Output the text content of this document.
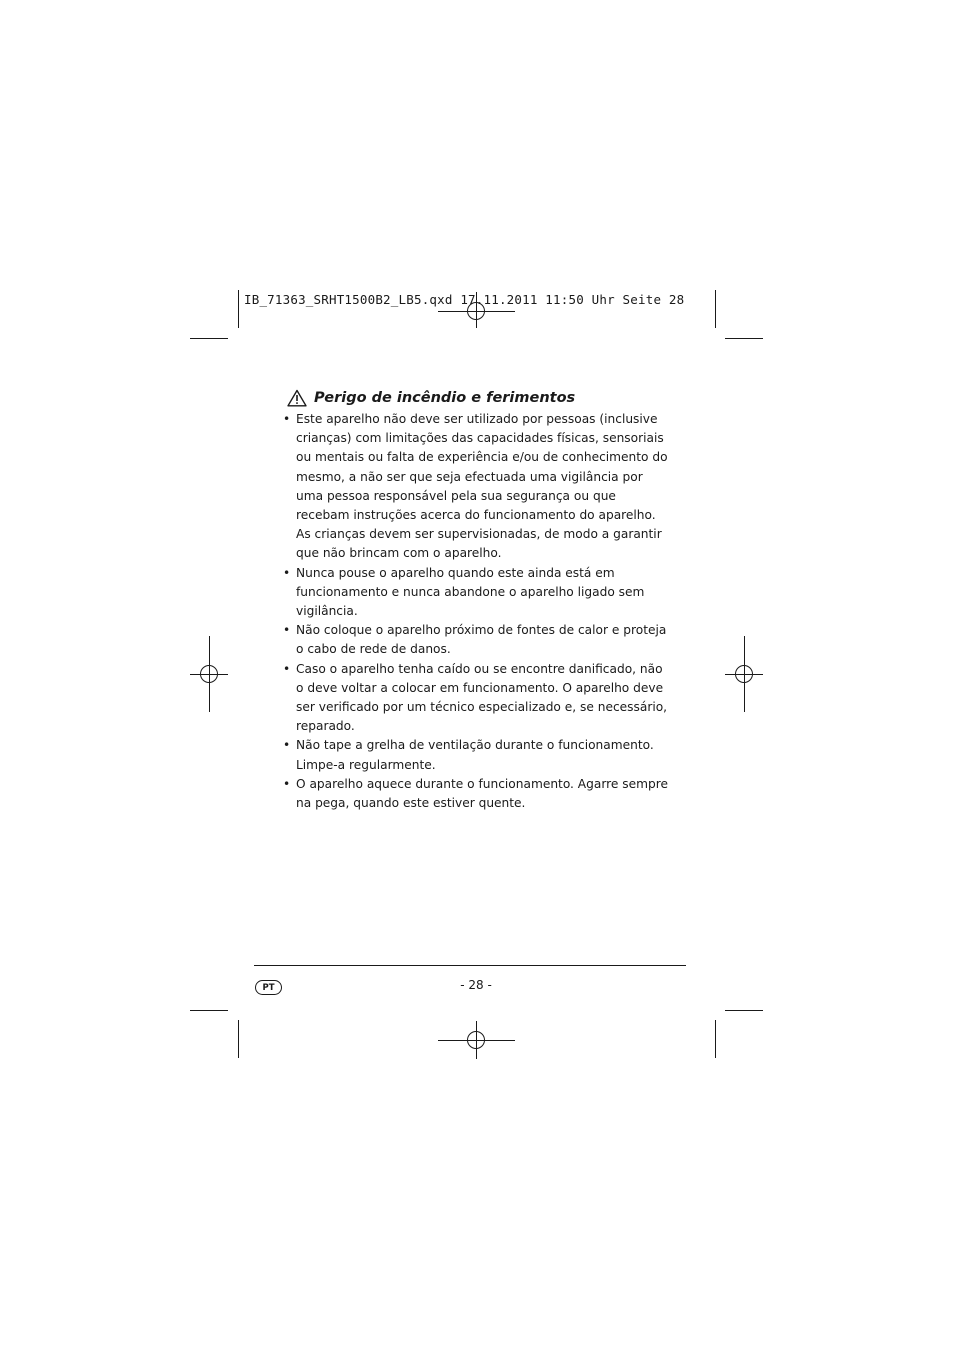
IB_71363_SRHT1500B2_LB5.qxd 17.11.2011 11:50 Uhr Seite 28
Perigo de incêndio e ferimentos
• Este aparelho não deve ser utilizado por pessoas (inclusive crianças) com limitações das capacidades físicas, sensoriais ou mentais ou falta de experiência e/ou de conhecimento do mesmo, a não ser que seja efectuada uma vigilância por uma pessoa responsável pela sua segurança ou que recebam instruções acerca do funcionamento do aparelho. As crianças devem ser supervisionadas, de modo a garantir que não brincam com o aparelho.
• Nunca pouse o aparelho quando este ainda está em funcionamento e nunca abandone o aparelho ligado sem vigilância.
• Não coloque o aparelho próximo de fontes de calor e proteja o cabo de rede de danos.
• Caso o aparelho tenha caído ou se encontre danificado, não o deve voltar a colocar em funcionamento. O aparelho deve ser verificado por um técnico especializado e, se necessário, reparado.
• Não tape a grelha de ventilação durante o funcionamento. Limpe-a regularmente.
• O aparelho aquece durante o funcionamento. Agarre sempre na pega, quando este estiver quente.
PT	- 28 -
